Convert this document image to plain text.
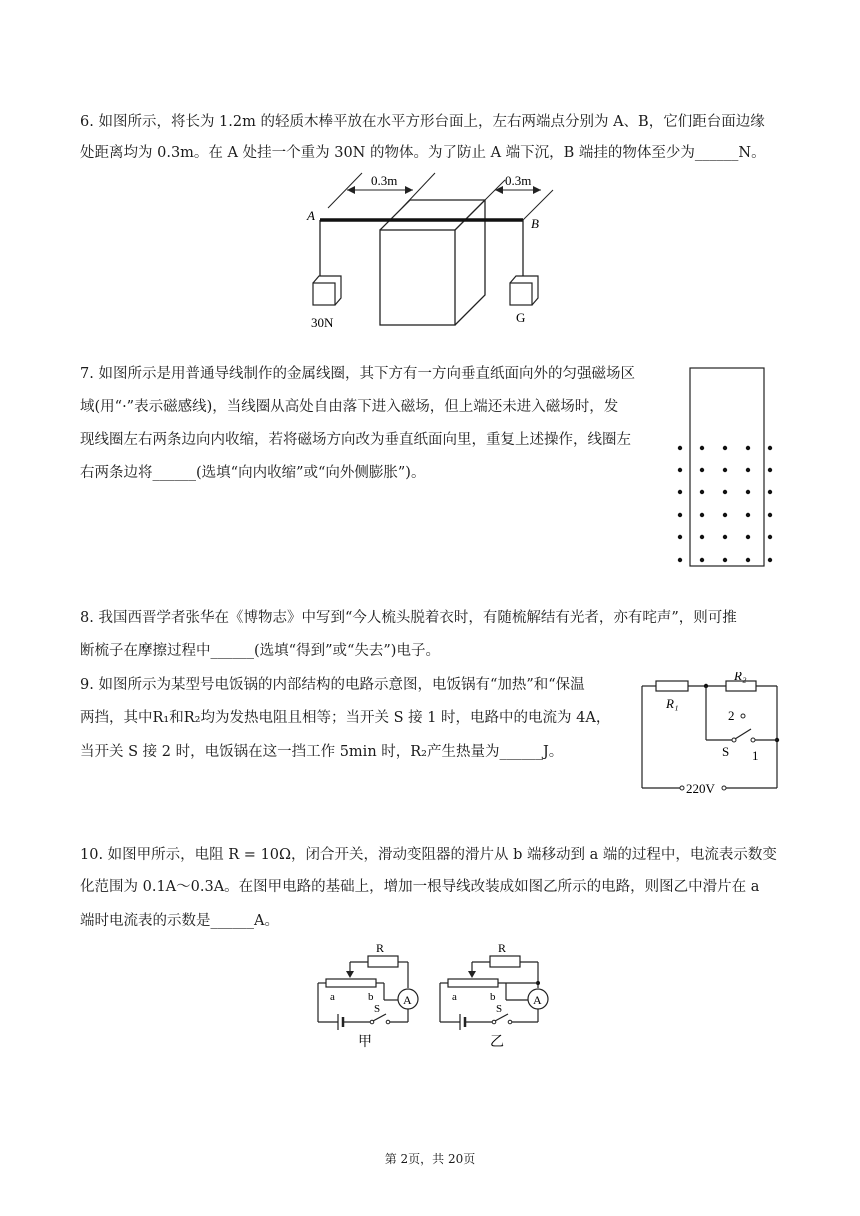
6. 如图所示，将长为 1.2m 的轻质木棒平放在水平方形台面上，左右两端点分别为 A、B，它们距台面边缘
处距离均为 0.3m。在 A 处挂一个重为 30N 的物体。为了防止 A 端下沉，B 端挂的物体至少为______N。
0.3m	0.3m
A
B
30N	G
7. 如图所示是用普通导线制作的金属线圈，其下方有一方向垂直纸面向外的匀强磁场区
域(用“·”表示磁感线)，当线圈从高处自由落下进入磁场，但上端还未进入磁场时，发
现线圈左右两条边向内收缩，若将磁场方向改为垂直纸面向里，重复上述操作，线圈左
右两条边将______(选填“向内收缩”或“向外侧膨胀”)。
8. 我国西晋学者张华在《博物志》中写到“今人梳头脱着衣时，有随梳解结有光者，亦有咤声”，则可推
断梳子在摩擦过程中______(选填“得到”或“失去”)电子。
9. 如图所示为某型号电饭锅的内部结构的电路示意图，电饭锅有“加热”和“保温
两挡，其中R₁和R₂均为发热电阻且相等；当开关 S 接 1 时，电路中的电流为 4A，
当开关 S 接 2 时，电饭锅在这一挡工作 5min 时，R₂产生热量为______J。
R₁
R₂
2
S 1
220V
10. 如图甲所示，电阻 R = 10Ω，闭合开关，滑动变阻器的滑片从 b 端移动到 a 端的过程中，电流表示数变
化范围为 0.1A～0.3A。在图甲电路的基础上，增加一根导线改装成如图乙所示的电路，则图乙中滑片在 a
端时电流表的示数是______A。
A
R
a	b
S
甲
A
R
a	b
S
乙
第 2页，共 20页
